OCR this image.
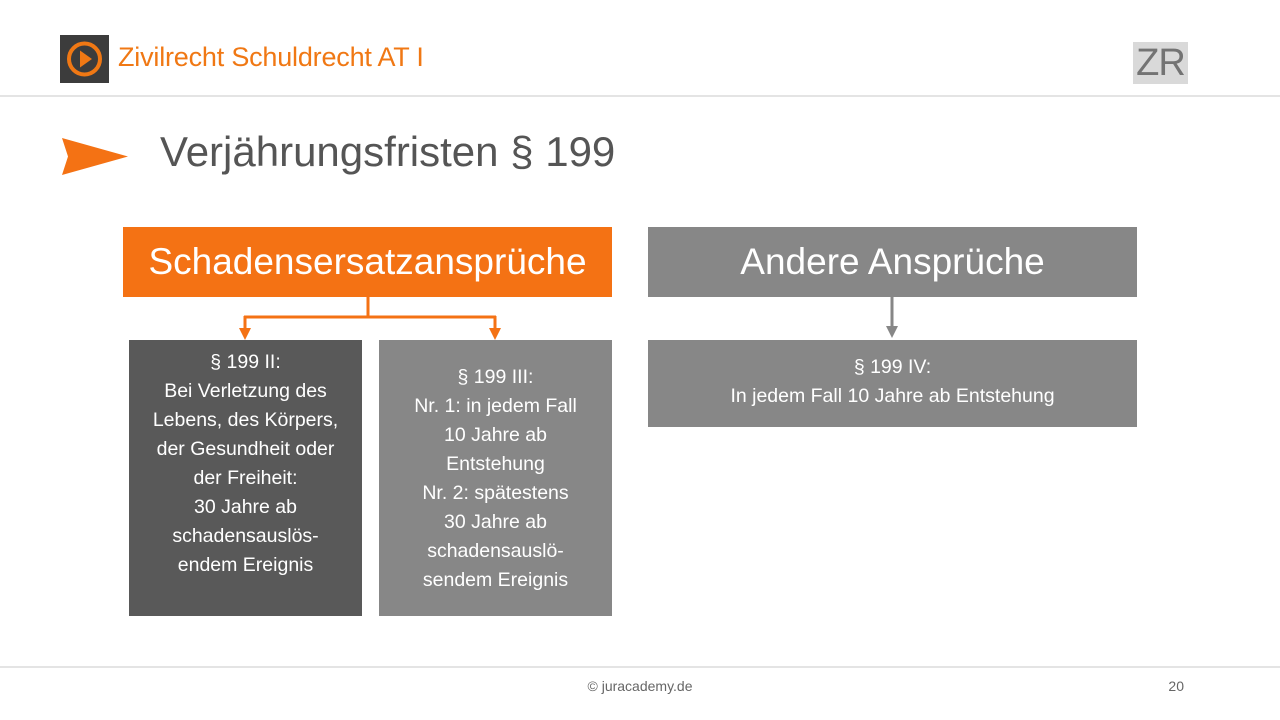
Zivilrecht Schuldrecht AT I	ZR
Verjährungsfristen § 199
Schadensersatzansprüche	Andere Ansprüche
§ 199 II:
Bei Verletzung des
Lebens, des Körpers,
der Gesundheit oder
der Freiheit:
30 Jahre ab
schadensauslös-
endem Ereignis
§ 199 III:
Nr. 1: in jedem Fall
10 Jahre ab
Entstehung
Nr. 2: spätestens
30 Jahre ab
schadensauslö-
sendem Ereignis
§ 199 IV:
In jedem Fall 10 Jahre ab Entstehung
© juracademy.de	20
